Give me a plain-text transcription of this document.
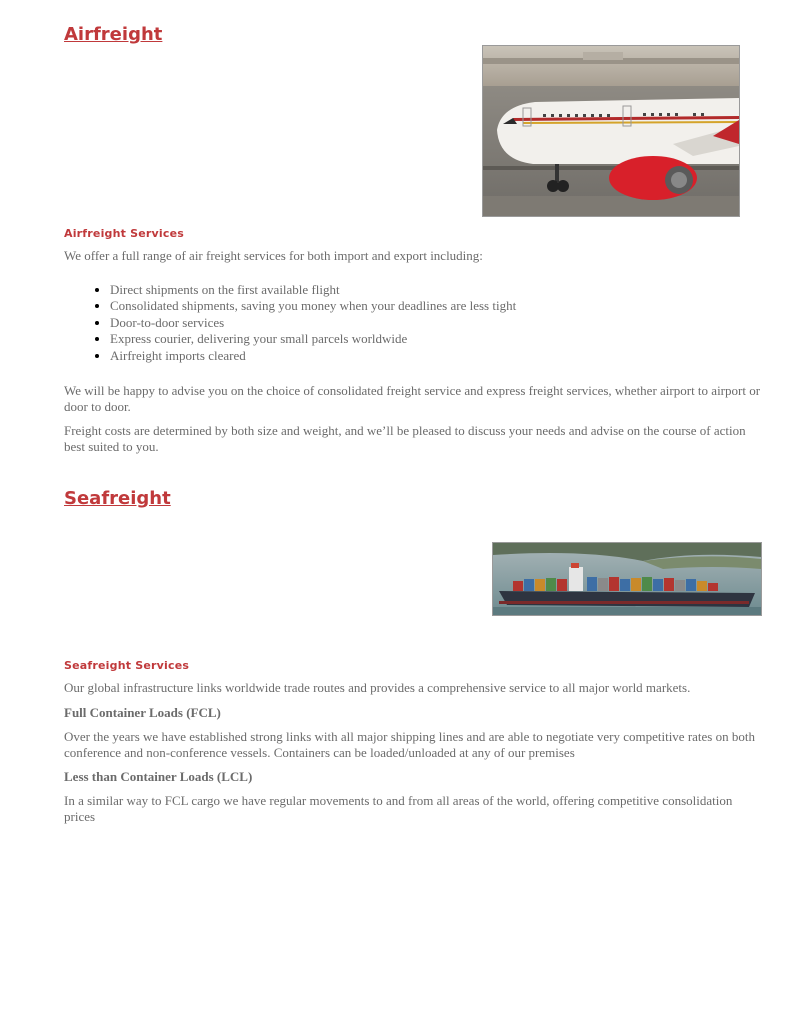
Airfreight
Airfreight Services

We offer a full range of air freight services for both import and export including:

• Direct shipments on the first available flight
• Consolidated shipments, saving you money when your deadlines are less tight
• Door-to-door services
• Express courier, delivering your small parcels worldwide
• Airfreight imports cleared

We will be happy to advise you on the choice of consolidated freight service and express freight services, whether airport to airport or door to door.

Freight costs are determined by both size and weight, and we’ll be pleased to discuss your needs and advise on the course of action best suited to you.

Seafreight
Seafreight Services

Our global infrastructure links worldwide trade routes and provides a comprehensive service to all major world markets.

Full Container Loads (FCL)

Over the years we have established strong links with all major shipping lines and are able to negotiate very competitive rates on both conference and non-conference vessels. Containers can be loaded/unloaded at any of our premises

Less than Container Loads (LCL)

In a similar way to FCL cargo we have regular movements to and from all areas of the world, offering competitive consolidation prices
